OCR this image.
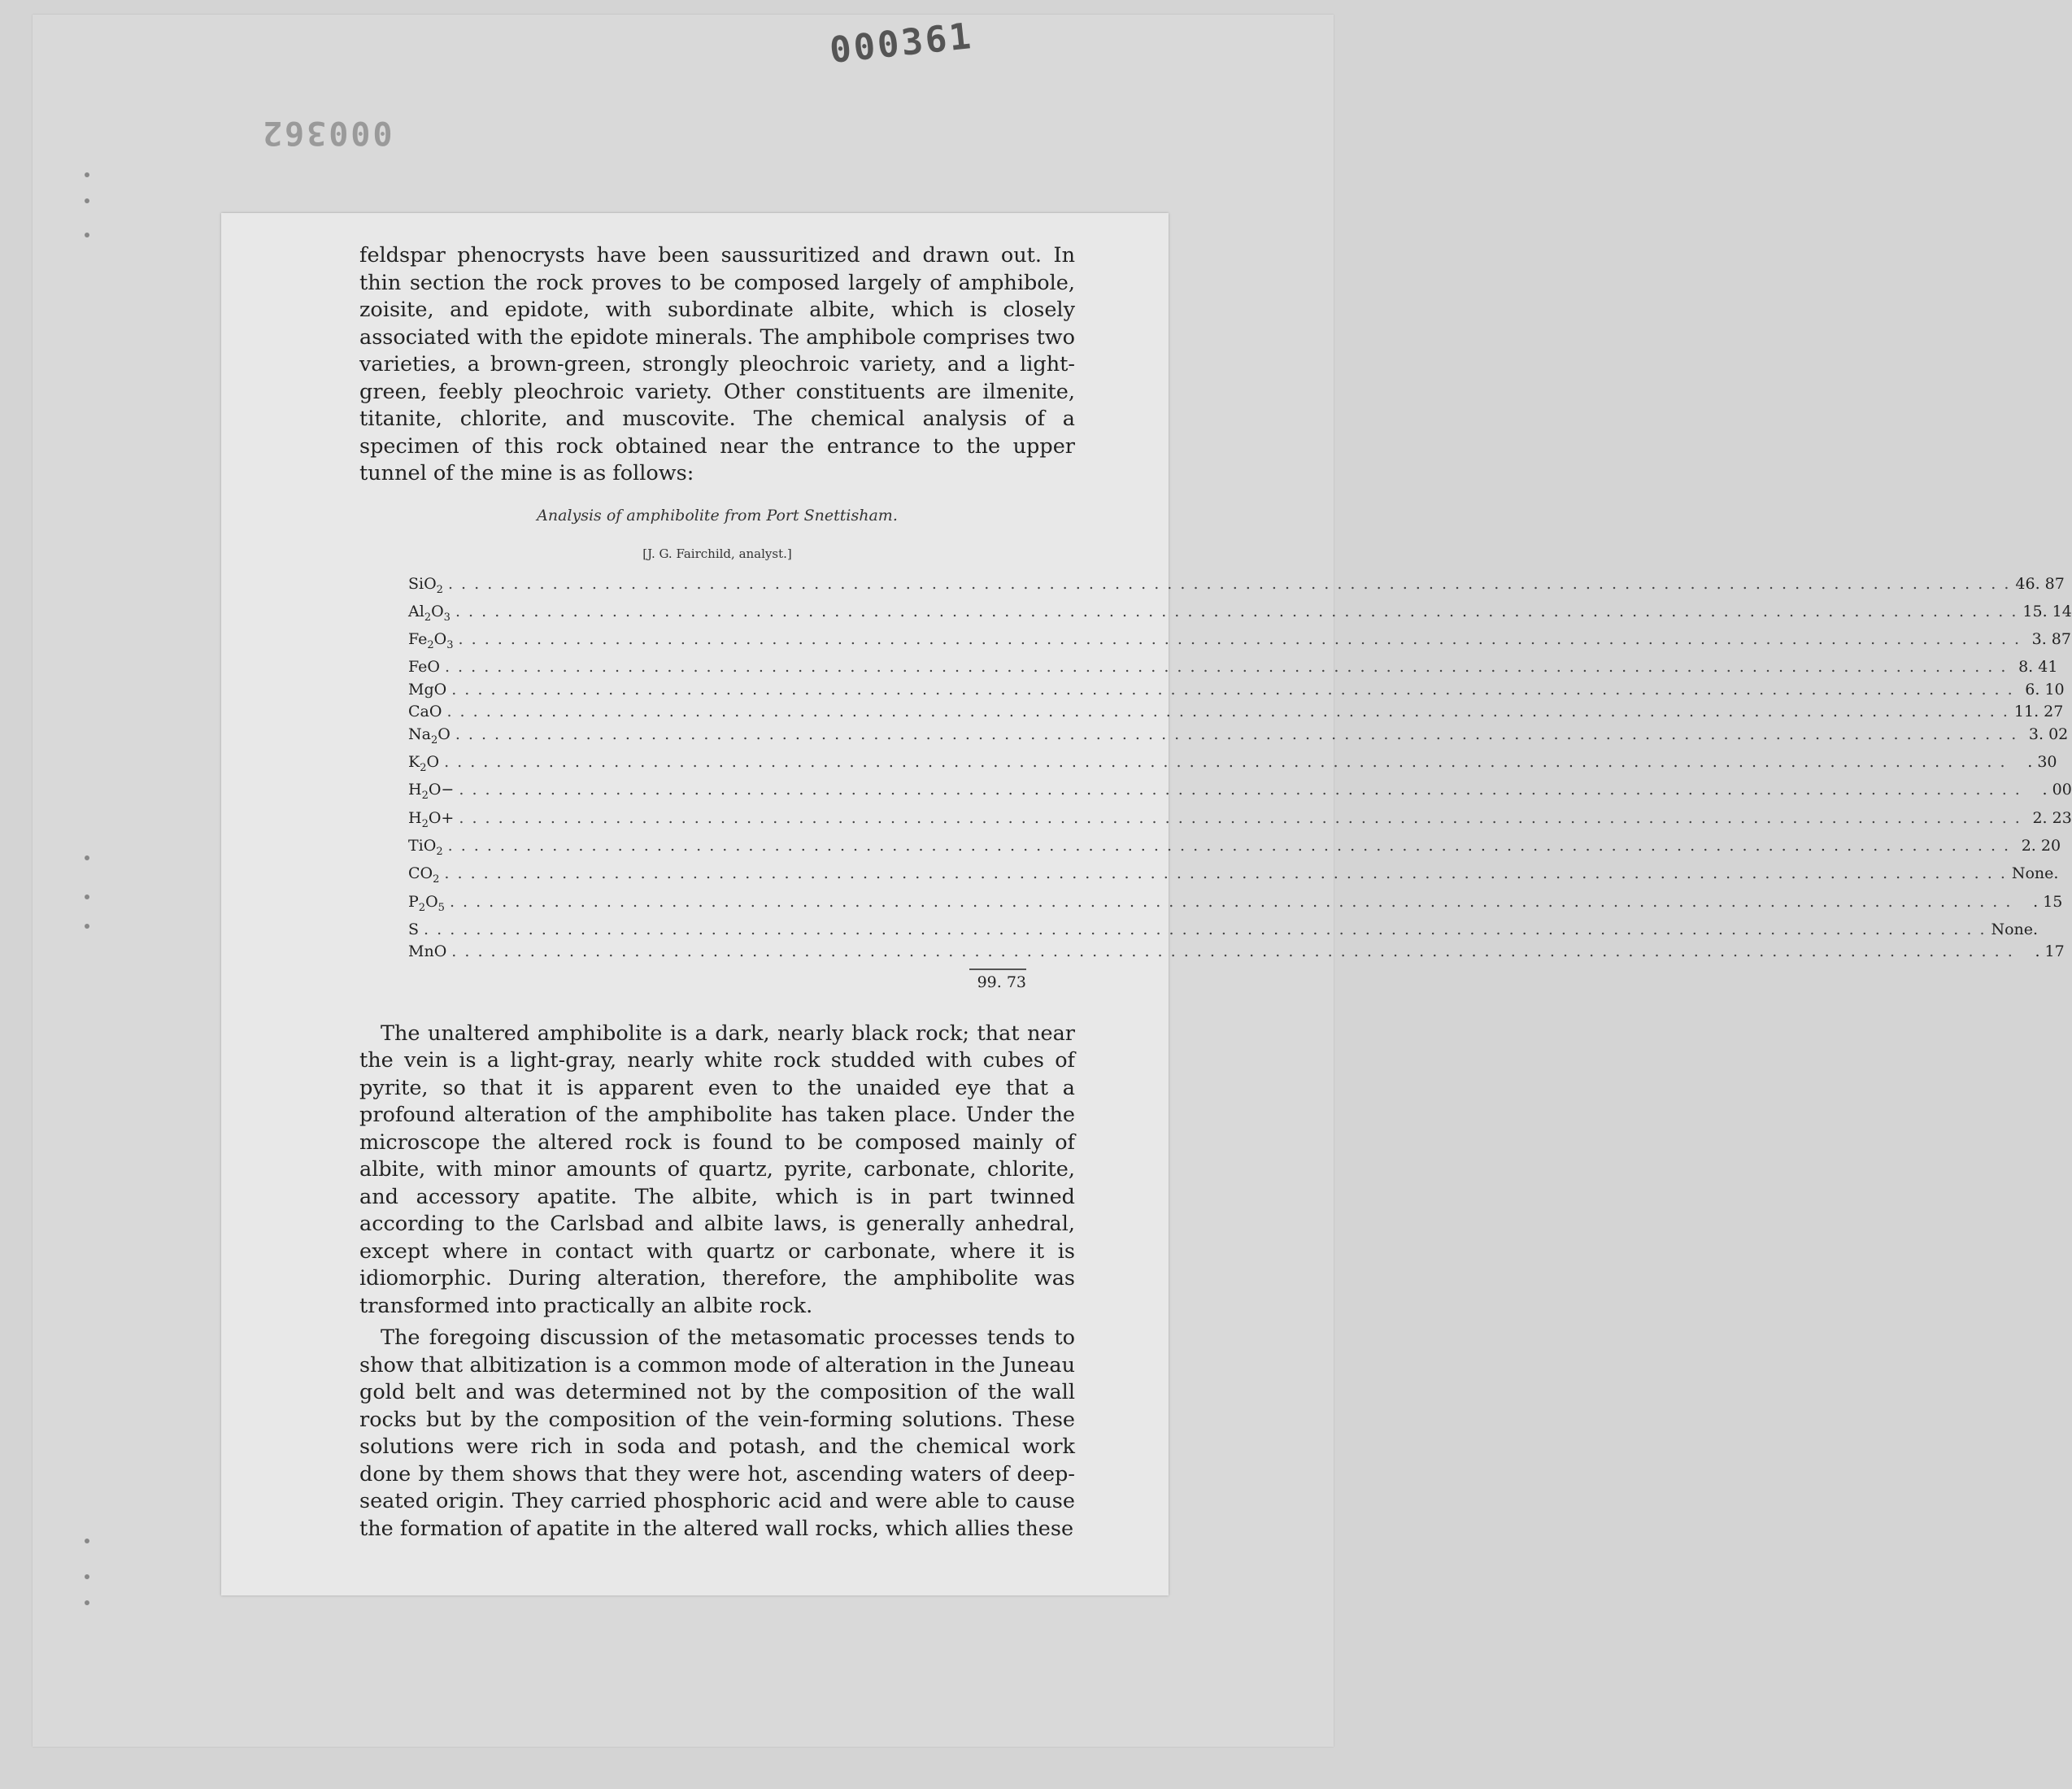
000361
000362

feldspar phenocrysts have been saussuritized and drawn out. In thin section the rock proves to be composed largely of amphibole, zoisite, and epidote, with subordinate albite, which is closely associated with the epidote minerals. The amphibole comprises two varieties, a brown-green, strongly pleochroic variety, and a light-green, feebly pleochroic variety. Other constituents are ilmenite, titanite, chlorite, and muscovite. The chemical analysis of a specimen of this rock obtained near the entrance to the upper tunnel of the mine is as follows:

Analysis of amphibolite from Port Snettisham.
[J. G. Fairchild, analyst.]
SiO$_2$ . . . . . . . . . . . . . . . . . . . . . . . . . . . . . . . . . . . . . . . . . . . . . . . . . . . . . . . . . . . . . . . . . . . . . . . . . . . . . . . . . . . . . . . . . . . . . . . . . . . . . . . . . . . . . . . . . . . . . . . . 46. 87
$Al_2O_3$ . . . . . . . . . . . . . . . . . . . . . . . . . . . . . . . . . . . . . . . . . . . . . . . . . . . . . . . . . . . . . . . . . . . . . . . . . . . . . . . . . . . . . . . . . . . . . . . . . . . . . . . . . . . . . . . . . . . . . . . . 15. 14
$Fe_2O_3$ . . . . . . . . . . . . . . . . . . . . . . . . . . . . . . . . . . . . . . . . . . . . . . . . . . . . . . . . . . . . . . . . . . . . . . . . . . . . . . . . . . . . . . . . . . . . . . . . . . . . . . . . . . . . . . . . . . . . . . . . 3. 87
FeO . . . . . . . . . . . . . . . . . . . . . . . . . . . . . . . . . . . . . . . . . . . . . . . . . . . . . . . . . . . . . . . . . . . . . . . . . . . . . . . . . . . . . . . . . . . . . . . . . . . . . . . . . . . . . . . . . . . . . . . . 8. 41
MgO . . . . . . . . . . . . . . . . . . . . . . . . . . . . . . . . . . . . . . . . . . . . . . . . . . . . . . . . . . . . . . . . . . . . . . . . . . . . . . . . . . . . . . . . . . . . . . . . . . . . . . . . . . . . . . . . . . . . . . . . 6. 10
CaO . . . . . . . . . . . . . . . . . . . . . . . . . . . . . . . . . . . . . . . . . . . . . . . . . . . . . . . . . . . . . . . . . . . . . . . . . . . . . . . . . . . . . . . . . . . . . . . . . . . . . . . . . . . . . . . . . . . . . . . . 11. 27
$Na_2O$ . . . . . . . . . . . . . . . . . . . . . . . . . . . . . . . . . . . . . . . . . . . . . . . . . . . . . . . . . . . . . . . . . . . . . . . . . . . . . . . . . . . . . . . . . . . . . . . . . . . . . . . . . . . . . . . . . . . . . . . . 3. 02
$K_2O$ . . . . . . . . . . . . . . . . . . . . . . . . . . . . . . . . . . . . . . . . . . . . . . . . . . . . . . . . . . . . . . . . . . . . . . . . . . . . . . . . . . . . . . . . . . . . . . . . . . . . . . . . . . . . . . . . . . . . . . . .	. 30
$H_2O-$ . . . . . . . . . . . . . . . . . . . . . . . . . . . . . . . . . . . . . . . . . . . . . . . . . . . . . . . . . . . . . . . . . . . . . . . . . . . . . . . . . . . . . . . . . . . . . . . . . . . . . . . . . . . . . . . . . . . . . . . .	. 00
$H_2O+$ . . . . . . . . . . . . . . . . . . . . . . . . . . . . . . . . . . . . . . . . . . . . . . . . . . . . . . . . . . . . . . . . . . . . . . . . . . . . . . . . . . . . . . . . . . . . . . . . . . . . . . . . . . . . . . . . . . . . . . . . 2. 23
TiO$_2$ . . . . . . . . . . . . . . . . . . . . . . . . . . . . . . . . . . . . . . . . . . . . . . . . . . . . . . . . . . . . . . . . . . . . . . . . . . . . . . . . . . . . . . . . . . . . . . . . . . . . . . . . . . . . . . . . . . . . . . . . 2. 20
$CO_2$ . . . . . . . . . . . . . . . . . . . . . . . . . . . . . . . . . . . . . . . . . . . . . . . . . . . . . . . . . . . . . . . . . . . . . . . . . . . . . . . . . . . . . . . . . . . . . . . . . . . . . . . . . . . . . . . . . . . . . . . . None.
$P_2O_5$ . . . . . . . . . . . . . . . . . . . . . . . . . . . . . . . . . . . . . . . . . . . . . . . . . . . . . . . . . . . . . . . . . . . . . . . . . . . . . . . . . . . . . . . . . . . . . . . . . . . . . . . . . . . . . . . . . . . . . . . .	. 15
S . . . . . . . . . . . . . . . . . . . . . . . . . . . . . . . . . . . . . . . . . . . . . . . . . . . . . . . . . . . . . . . . . . . . . . . . . . . . . . . . . . . . . . . . . . . . . . . . . . . . . . . . . . . . . . . . . . . . . . . . None.
MnO . . . . . . . . . . . . . . . . . . . . . . . . . . . . . . . . . . . . . . . . . . . . . . . . . . . . . . . . . . . . . . . . . . . . . . . . . . . . . . . . . . . . . . . . . . . . . . . . . . . . . . . . . . . . . . . . . . . . . . . .	. 17
99. 73

The unaltered amphibolite is a dark, nearly black rock; that near the vein is a light-gray, nearly white rock studded with cubes of pyrite, so that it is apparent even to the unaided eye that a profound alteration of the amphibolite has taken place. Under the microscope the altered rock is found to be composed mainly of albite, with minor amounts of quartz, pyrite, carbonate, chlorite, and accessory apatite. The albite, which is in part twinned according to the Carlsbad and albite laws, is generally anhedral, except where in contact with quartz or carbonate, where it is idiomorphic. During alteration, therefore, the amphibolite was transformed into practically an albite rock.

The foregoing discussion of the metasomatic processes tends to show that albitization is a common mode of alteration in the Juneau gold belt and was determined not by the composition of the wall rocks but by the composition of the vein-forming solutions. These solutions were rich in soda and potash, and the chemical work done by them shows that they were hot, ascending waters of deep-seated origin. They carried phosphoric acid and were able to cause the formation of apatite in the altered wall rocks, which allies these
